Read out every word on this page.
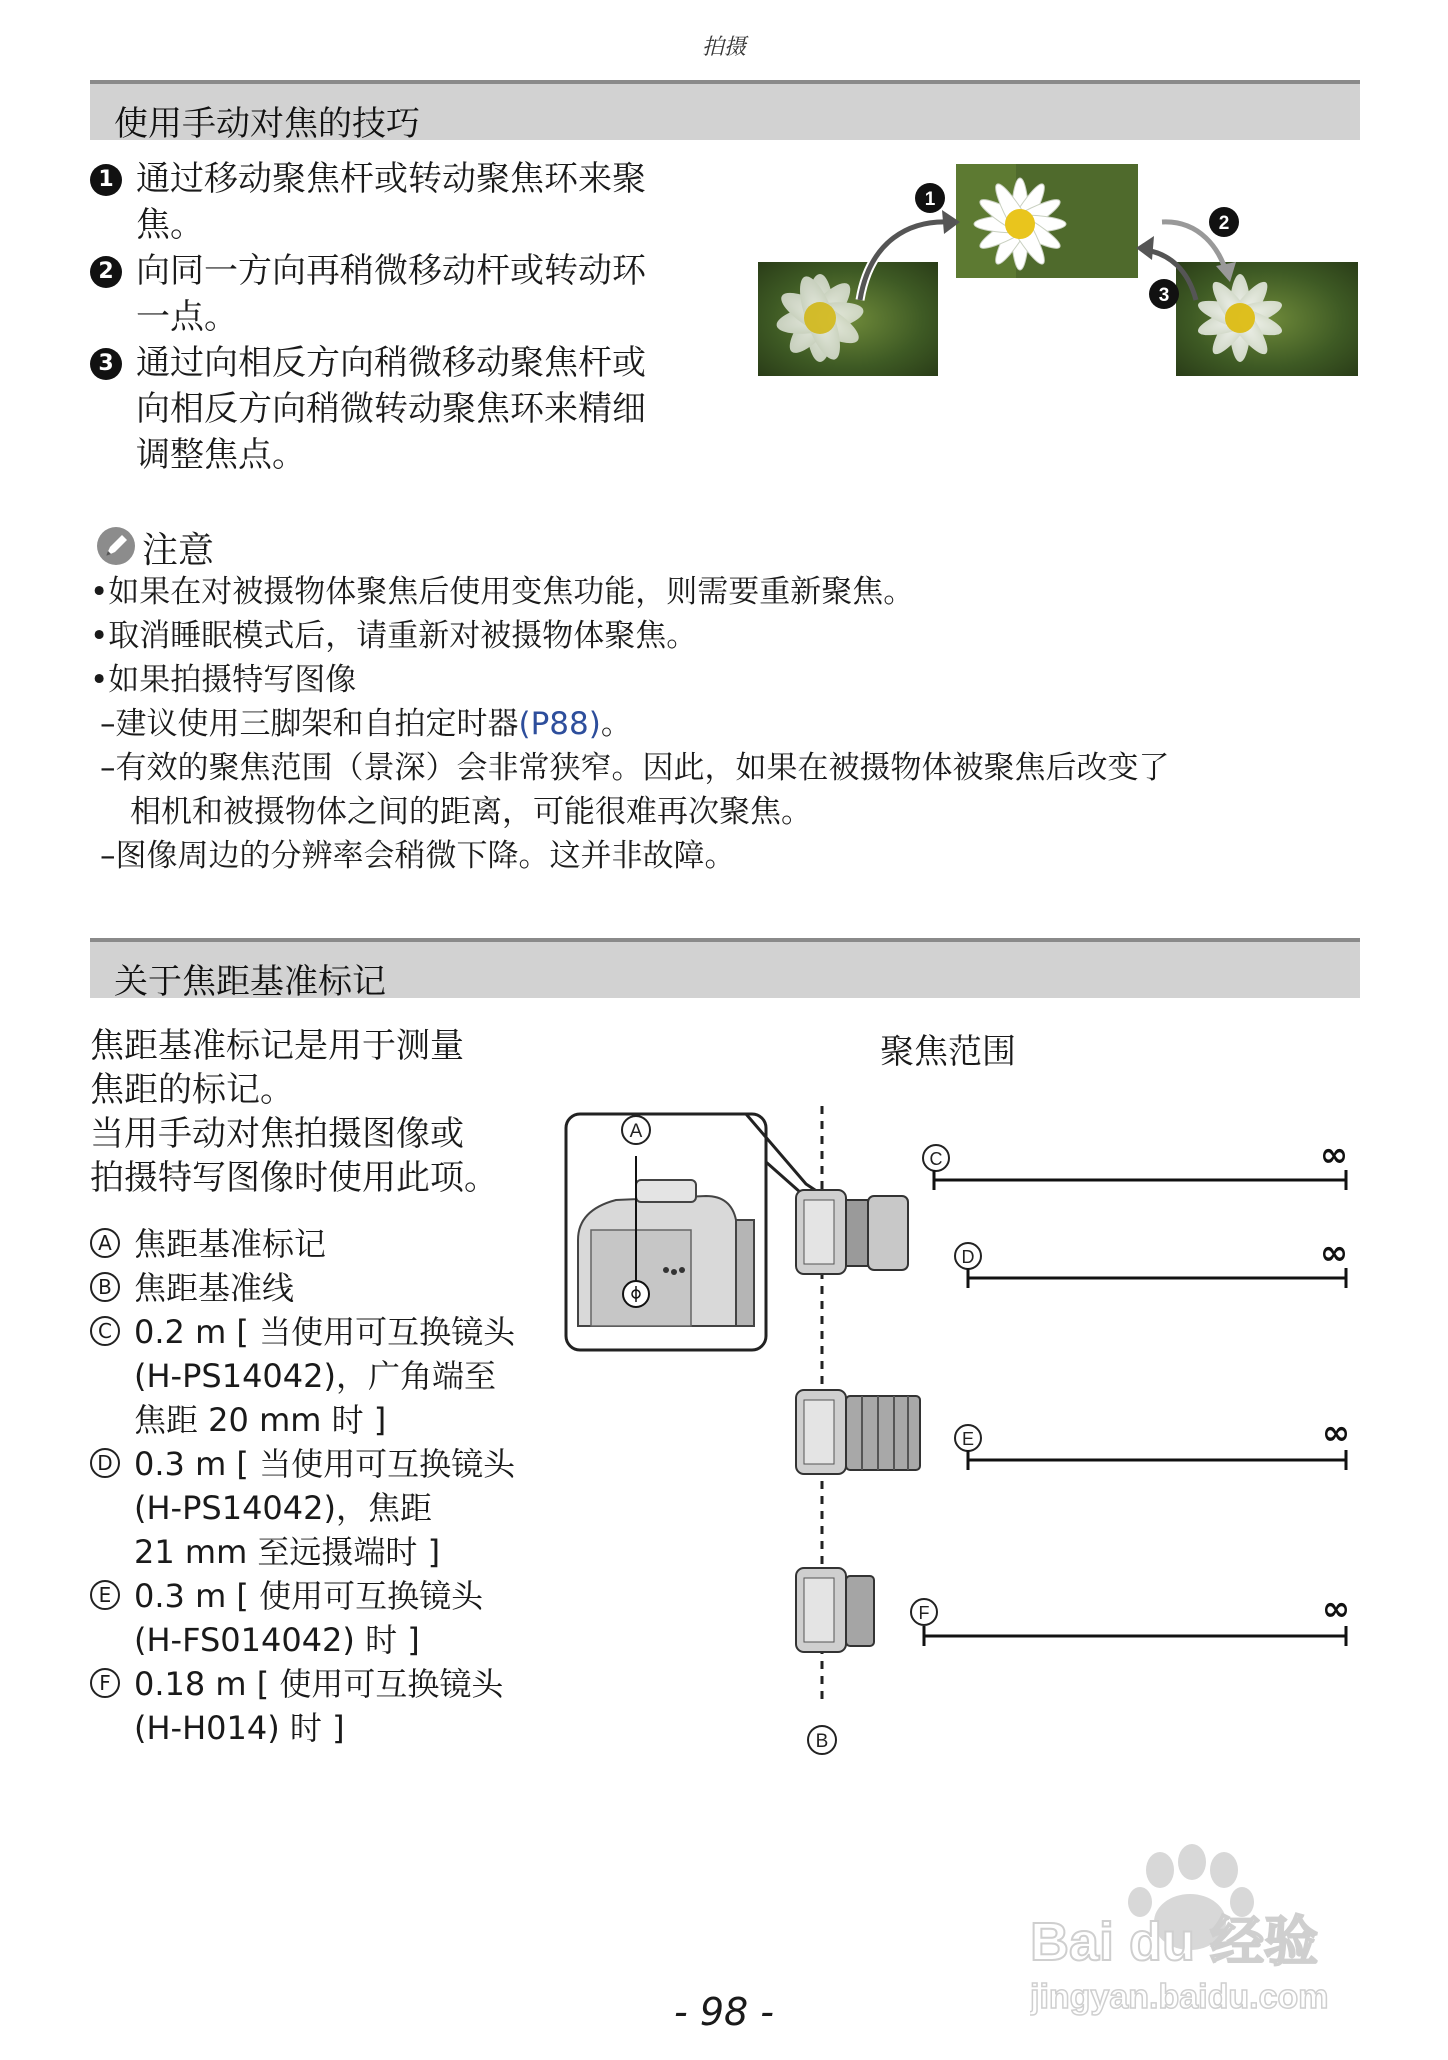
拍摄
使用手动对焦的技巧
1 通过移动聚焦杆或转动聚焦环来聚
焦。
2 向同一方向再稍微移动杆或转动环
一点。
3 通过向相反方向稍微移动聚焦杆或
向相反方向稍微转动聚焦环来精细
调整焦点。
1
2
3
注意
•如果在对被摄物体聚焦后使用变焦功能，则需要重新聚焦。
•取消睡眠模式后，请重新对被摄物体聚焦。
•如果拍摄特写图像
–建议使用三脚架和自拍定时器(P88)。
–有效的聚焦范围（景深）会非常狭窄。因此，如果在被摄物体被聚焦后改变了
相机和被摄物体之间的距离，可能很难再次聚焦。
–图像周边的分辨率会稍微下降。这并非故障。
关于焦距基准标记
焦距基准标记是用于测量
焦距的标记。
当用手动对焦拍摄图像或
拍摄特写图像时使用此项。
A 焦距基准标记
B 焦距基准线
C 0.2 m [ 当使用可互换镜头
(H-PS14042)，广角端至
焦距 20 mm 时 ]
D 0.3 m [ 当使用可互换镜头
(H-PS14042)，焦距
21 mm 至远摄端时 ]
E 0.3 m [ 使用可互换镜头
(H-FS014042) 时 ]
F 0.18 m [ 使用可互换镜头
(H-H014) 时 ]
聚焦范围
B
A
C	∞
D	∞
E	∞
F	∞
Bai du 经验
jingyan.baidu.com
- 98 -
